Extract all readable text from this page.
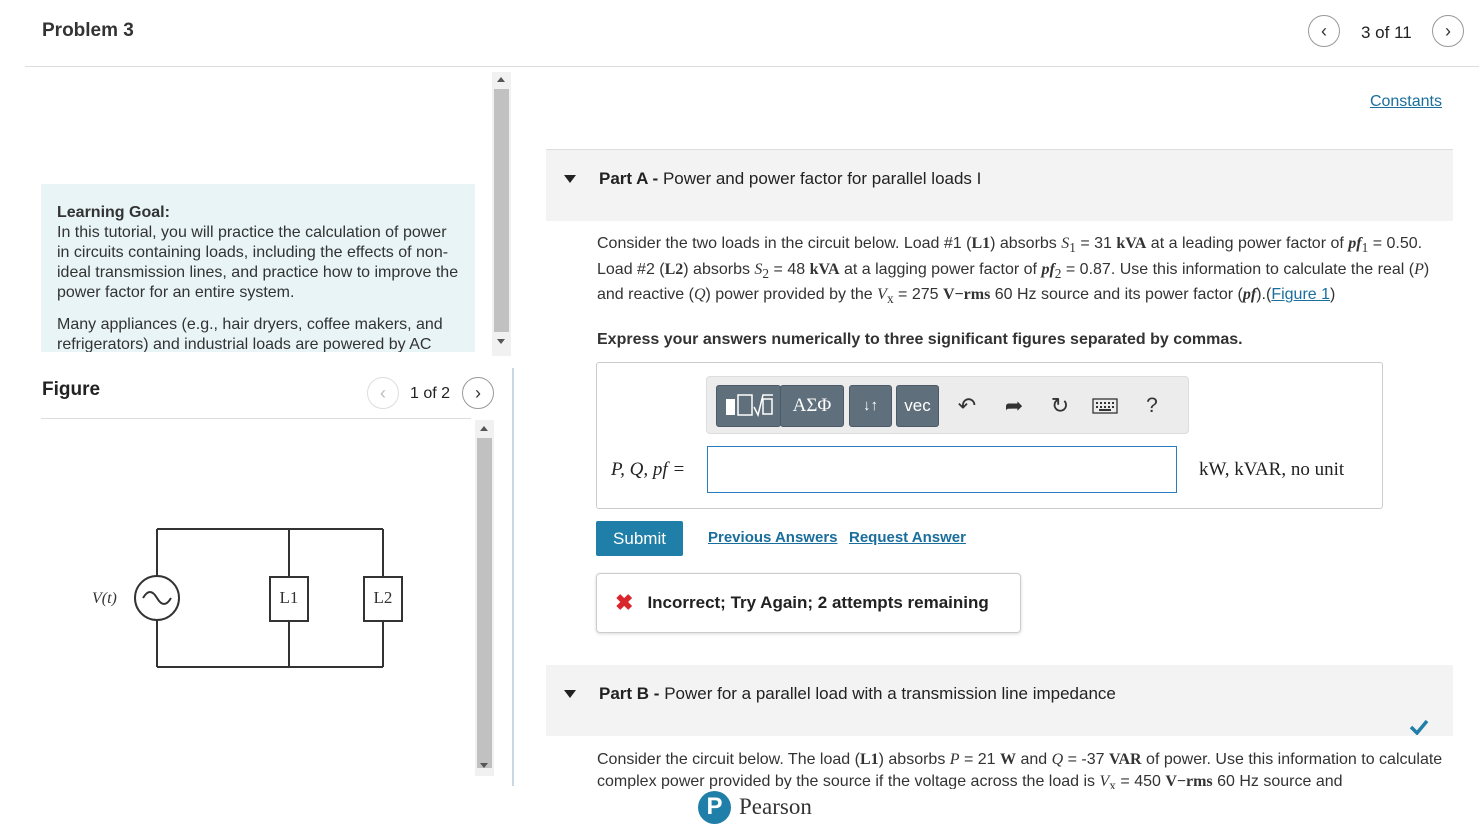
Problem 3	‹ 3 of 11 ›
Learning Goal:

In this tutorial, you will practice the calculation of power in circuits containing loads, including the effects of non-ideal transmission lines, and practice how to improve the power factor for an entire system.

Many appliances (e.g., hair dryers, coffee makers, and refrigerators) and industrial loads are powered by AC

Figure	‹ 1 of 2 ›
V(t)	L1	L2
Constants
Part A - Power and power factor for parallel loads I
Consider the two loads in the circuit below. Load #1 (L1) absorbs $S_1 = 31$ kVA at a leading power factor of $pf_1 = 0.50$. Load #2 (L2) absorbs $S_2 = 48$ kVA at a lagging power factor of $pf_2 = 0.87$. Use this information to calculate the real (P) and reactive (Q) power provided by the $V_x = 275$ V−rms 60 Hz source and its power factor (pf).(Figure 1)
Express your answers numerically to three significant figures separated by commas.
ΑΣΦ	↓↑	vec	↶ ➦ ↻	?
P, Q, pf =	kW, kVAR, no unit
Submit	Previous Answers Request Answer
✖ Incorrect; Try Again; 2 attempts remaining
Part B - Power for a parallel load with a transmission line impedance
Consider the circuit below. The load (L1) absorbs P = 21 W and Q = -37 VAR of power. Use this information to calculate complex power provided by the source if the voltage across the load is $V_x = 450$ V−rms 60 Hz source and
P Pearson
